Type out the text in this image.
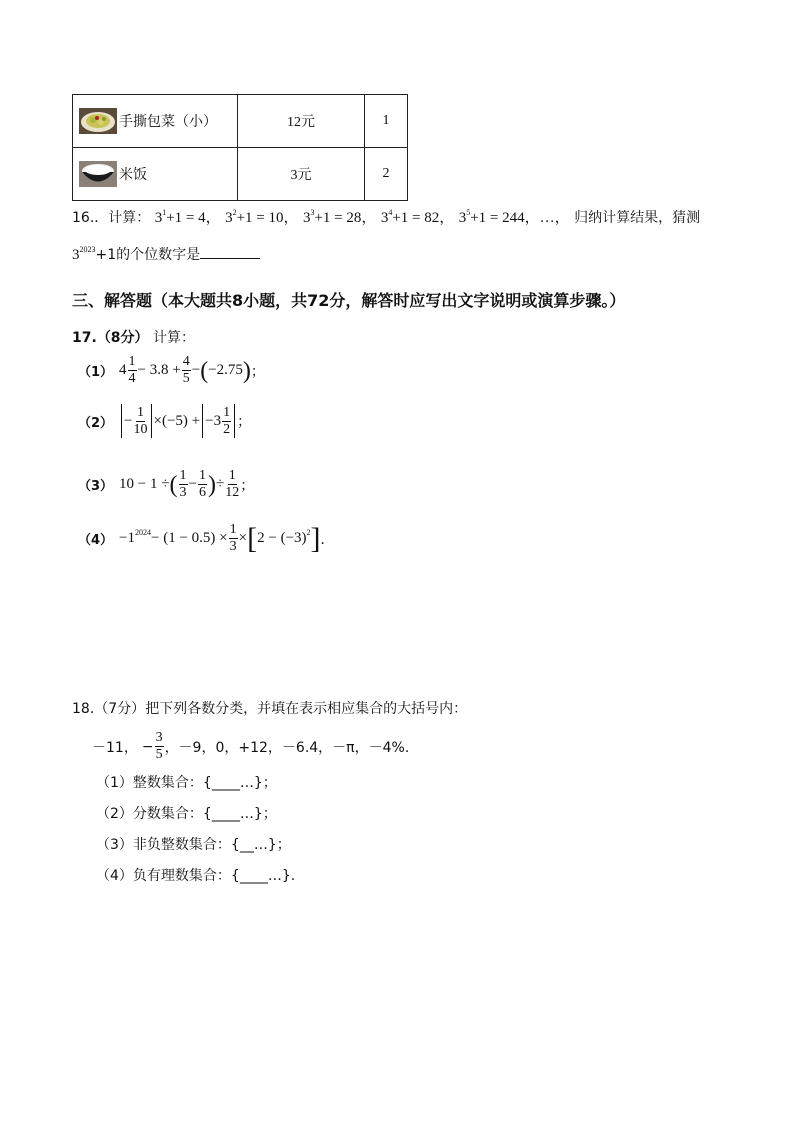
手撕包菜（小）	12元	1

米饭	3元	2
16.．计算： $3^1+1 = 4$， $3^2+1 = 10$， $3^3+1 = 28$， $3^4+1 = 82$， $3^5+1 = 244$，…， 归纳计算结果，猜测
$3^{2023}+1$的个位数字是
三、解答题（本大题共8小题，共72分，解答时应写出文字说明或演算步骤。）
17.（8分） 计算：
（1） $4 \frac{1}{4} - 3.8 + \frac{4}{5}$ − ( −2.75 ) ；
$(2) - \frac{1}{10} \times(-5) + -3 \frac{1}{2}$ ；
（3） 10 − 1 ÷ ( $\frac{1}{3} - \frac{1}{6}$ ) ÷ $\frac{1}{12}$ ；
$(4) -1^{2024} - (1 - 0.5) \times \frac{1}{3}$ × [ $2 - (-3)^2$ ] ．
18.（7分）把下列各数分类，并填在表示相应集合的大括号内：
－11， − $\frac{3}{5}$ ，－9，0，+12，－6.4，－π，－4%.
（1）整数集合：{____…}；
（2）分数集合：{____…}；
（3）非负整数集合：{__…}；
（4）负有理数集合：{____…}.
